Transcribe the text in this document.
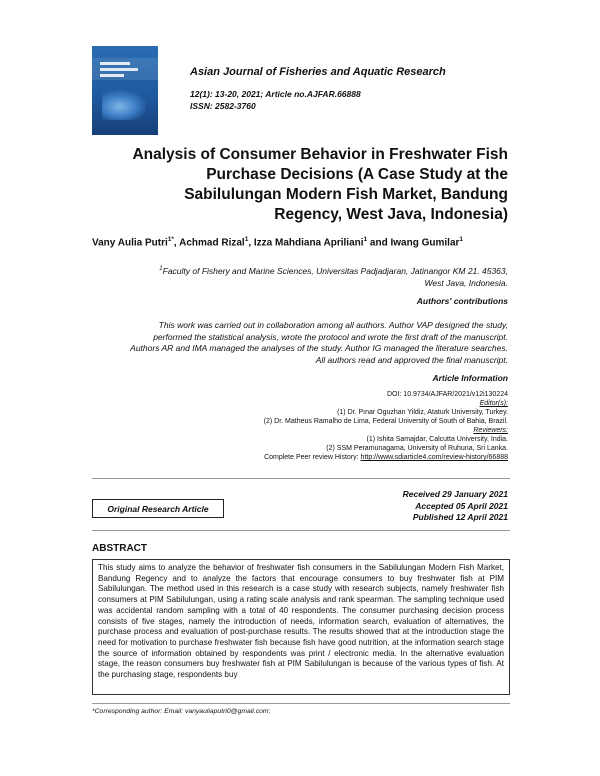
Asian Journal of Fisheries and Aquatic Research
12(1): 13-20, 2021; Article no.AJFAR.66888
ISSN: 2582-3760
Analysis of Consumer Behavior in Freshwater Fish
Purchase Decisions (A Case Study at the
Sabilulungan Modern Fish Market, Bandung
Regency, West Java, Indonesia)
Vany Aulia Putri$^{1*}$, Achmad Rizal$^1$, Izza Mahdiana Apriliani$^1$ and Iwang Gumilar$^1$
$^1$Faculty of Fishery and Marine Sciences, Universitas Padjadjaran, Jatinangor KM 21. 45363,
West Java, Indonesia.
Authors' contributions
This work was carried out in collaboration among all authors. Author VAP designed the study,
performed the statistical analysis, wrote the protocol and wrote the first draft of the manuscript.
Authors AR and IMA managed the analyses of the study. Author IG managed the literature searches.
All authors read and approved the final manuscript.
Article Information
DOI: 10.9734/AJFAR/2021/v12i130224
Editor(s):
(1) Dr. Pınar Oguzhan Yildiz, Ataturk University, Turkey.
(2) Dr. Matheus Ramalho de Lima, Federal University of South of Bahia, Brazil.
Reviewers:
(1) Ishita Samajdar, Calcutta University, India.
(2) SSM Peramunagama, University of Ruhuna, Sri Lanka.
Complete Peer review History: http://www.sdiarticle4.com/review-history/66888
Original Research Article
Received 29 January 2021
Accepted 05 April 2021
Published 12 April 2021
ABSTRACT
This study aims to analyze the behavior of freshwater fish consumers in the Sabilulungan Modern Fish Market, Bandung Regency and to analyze the factors that encourage consumers to buy freshwater fish at PIM Sabilulungan. The method used in this research is a case study with research subjects, namely freshwater fish consumers at PIM Sabilulungan, using a rating scale analysis and rank spearman. The sampling technique used was accidental random sampling with a total of 40 respondents. The consumer purchasing decision process consists of five stages, namely the introduction of needs, information search, evaluation of alternatives, the purchase process and evaluation of post-purchase results. The results showed that at the introduction stage the need for motivation to purchase freshwater fish because fish have good nutrition, at the information search stage the source of information obtained by respondents was print / electronic media. In the alternative evaluation stage, the reason consumers buy freshwater fish at PIM Sabilulungan is because of the various types of fish. At the purchasing stage, respondents buy
*Corresponding author: Email: vanyauliaputri0@gmail.com;
